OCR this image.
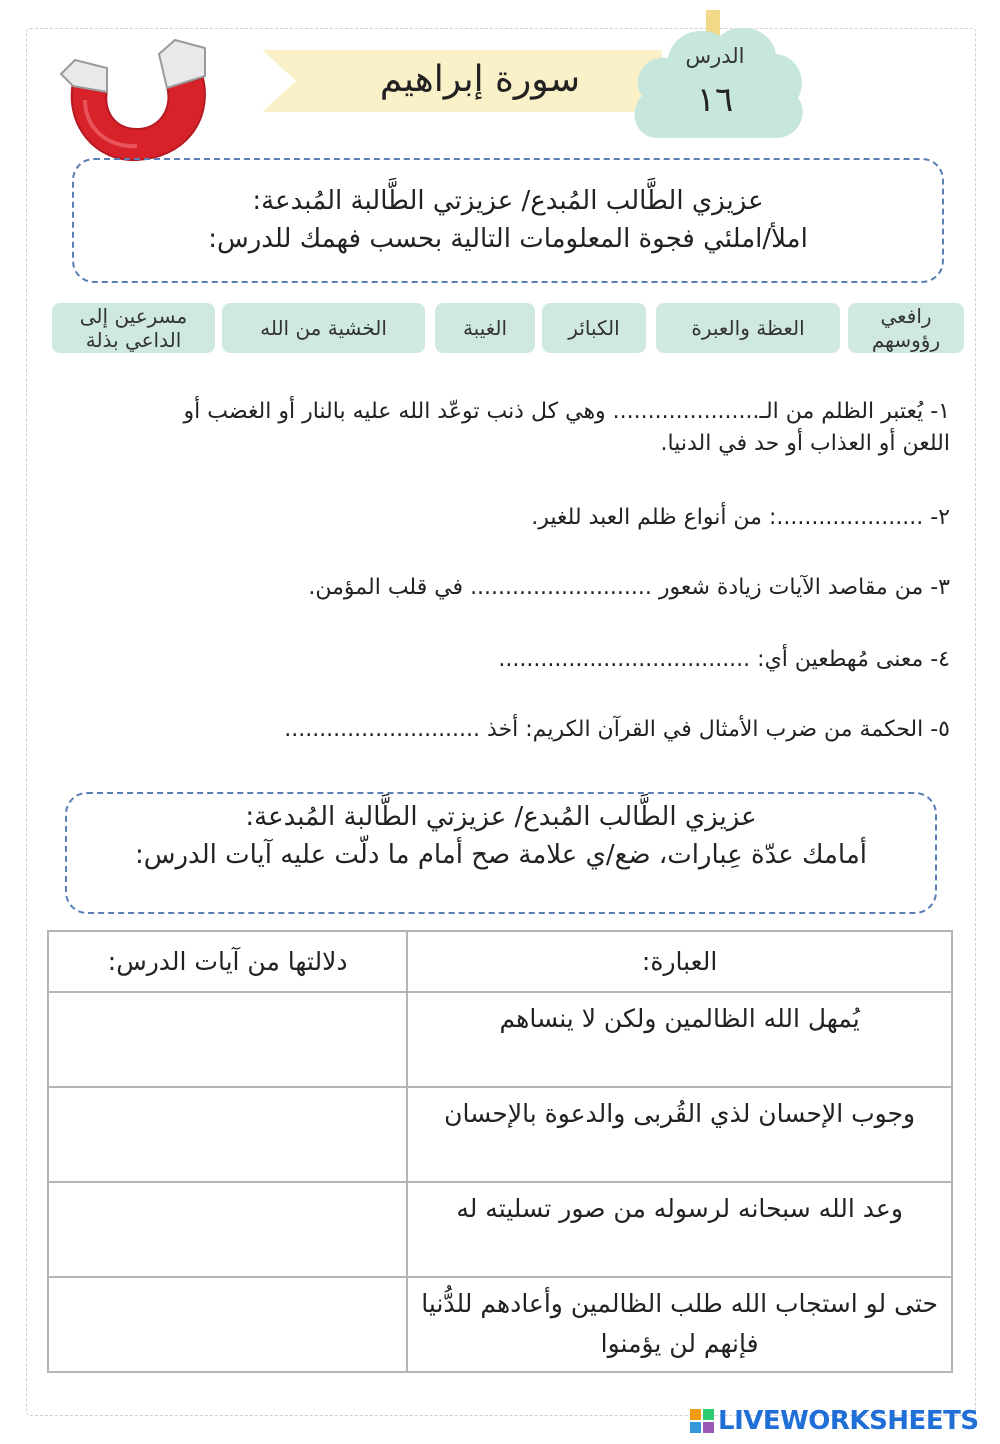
سورة إبراهيم
الدرس
١٦
عزيزي الطَّالب المُبدع/ عزيزتي الطَّالبة المُبدعة:
املأ/املئي فجوة المعلومات التالية بحسب فهمك للدرس:
رافعي رؤوسهم
العظة والعبرة
الكبائر
الغيبة
الخشية من الله
مسرعين إلى الداعي بذلة
١- يُعتبر الظلم من الـ..................... وهي كل ذنب توعّد الله عليه بالنار أو الغضب أو اللعن أو العذاب أو حد في الدنيا.
٢- .....................: من أنواع ظلم العبد للغير.
٣- من مقاصد الآيات زيادة شعور .......................... في قلب المؤمن.
٤- معنى مُهطعين أي: ....................................
٥- الحكمة من ضرب الأمثال في القرآن الكريم: أخذ ............................
عزيزي الطَّالب المُبدع/ عزيزتي الطَّالبة المُبدعة:
أمامك عدّة عِبارات، ضع/ي علامة صح أمام ما دلّت عليه آيات الدرس:
العبارة:	دلالتها من آيات الدرس:
يُمهل الله الظالمين ولكن لا ينساهم	
وجوب الإحسان لذي القُربى والدعوة بالإحسان	
وعد الله سبحانه لرسوله من صور تسليته له	
حتى لو استجاب الله طلب الظالمين وأعادهم للدُّنيا فإنهم لن يؤمنوا	
LIVEWORKSHEETS
